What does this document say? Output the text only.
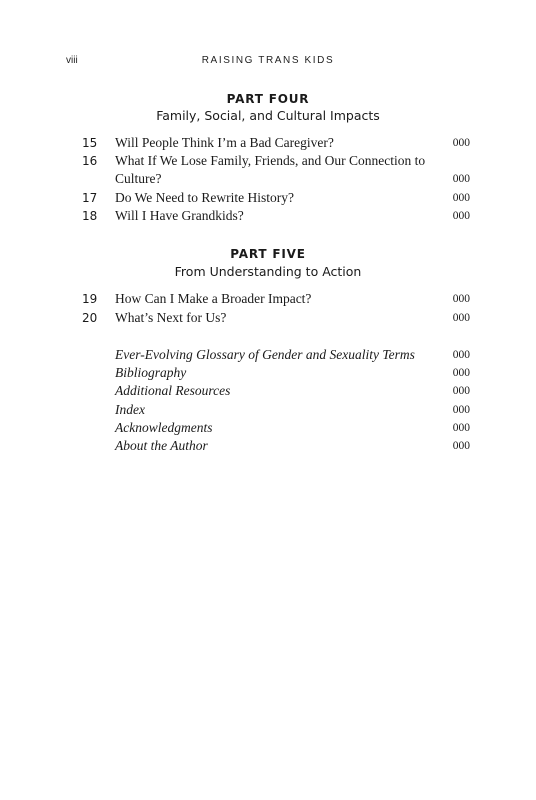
viii	RAISING TRANS KIDS
PART FOUR
Family, Social, and Cultural Impacts
15	Will People Think I’m a Bad Caregiver?	000
16	What If We Lose Family, Friends, and Our Connection to
Culture?	000
17	Do We Need to Rewrite History?	000
18	Will I Have Grandkids?	000
PART FIVE
From Understanding to Action
19	How Can I Make a Broader Impact?	000
20	What’s Next for Us?	000
Ever-Evolving Glossary of Gender and Sexuality Terms	000
Bibliography	000
Additional Resources	000
Index	000
Acknowledgments	000
About the Author	000
